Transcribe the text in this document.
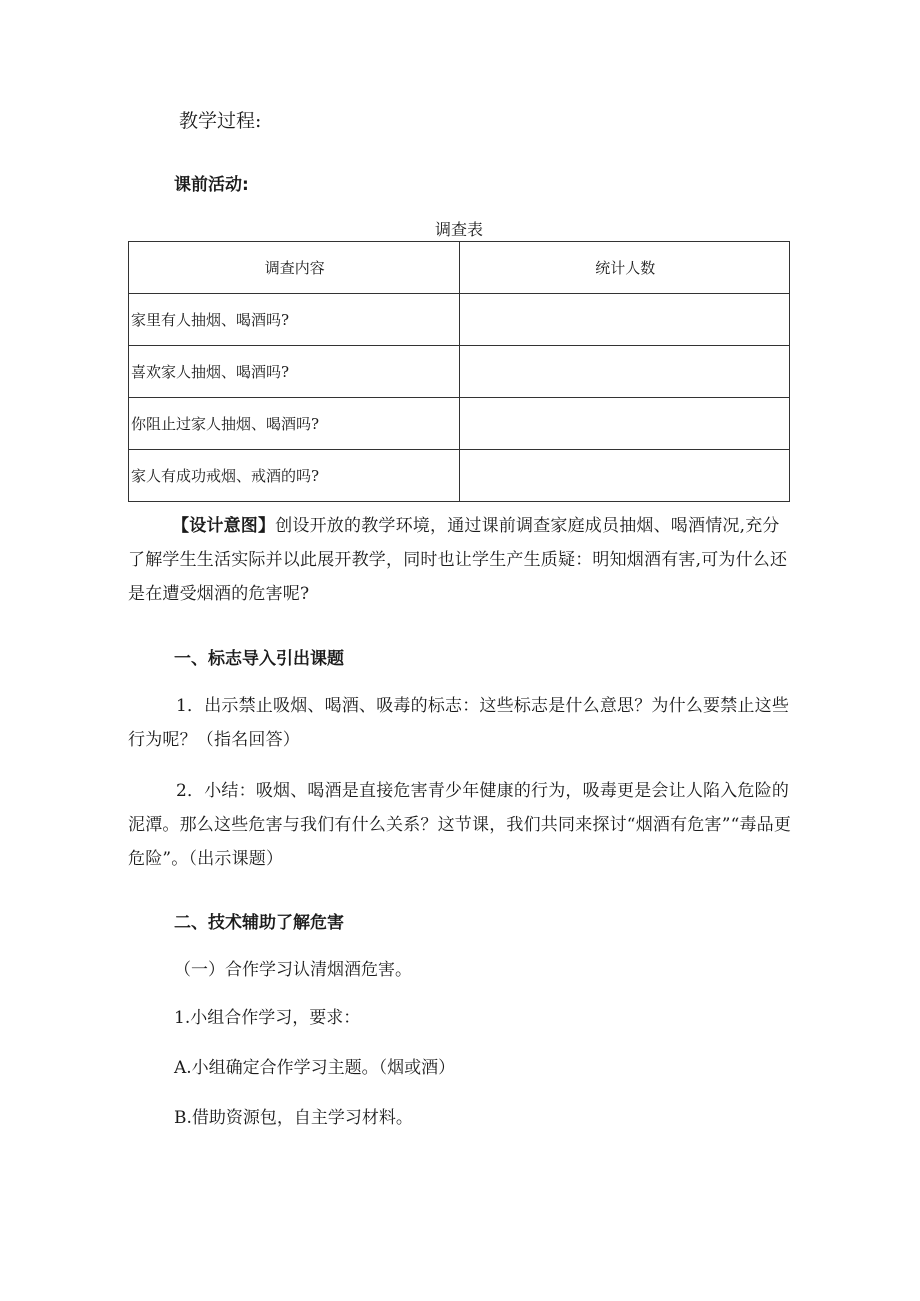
教学过程:
课前活动:
调查表
调查内容	统计人数
家里有人抽烟、喝酒吗?	
喜欢家人抽烟、喝酒吗?	
你阻止过家人抽烟、喝酒吗?	
家人有成功戒烟、戒酒的吗?	
【设计意图】创设开放的教学环境，通过课前调查家庭成员抽烟、喝酒情况,充分了解学生生活实际并以此展开教学，同时也让学生产生质疑：明知烟酒有害,可为什么还是在遭受烟酒的危害呢?
一、标志导入引出课题
1．出示禁止吸烟、喝酒、吸毒的标志：这些标志是什么意思？为什么要禁止这些行为呢？（指名回答）
2．小结：吸烟、喝酒是直接危害青少年健康的行为，吸毒更是会让人陷入危险的泥潭。那么这些危害与我们有什么关系？这节课，我们共同来探讨“烟酒有危害”“毒品更危险”。（出示课题）
二、技术辅助了解危害
（一）合作学习认清烟酒危害。
1.小组合作学习，要求：
A.小组确定合作学习主题。（烟或酒）
B.借助资源包，自主学习材料。
